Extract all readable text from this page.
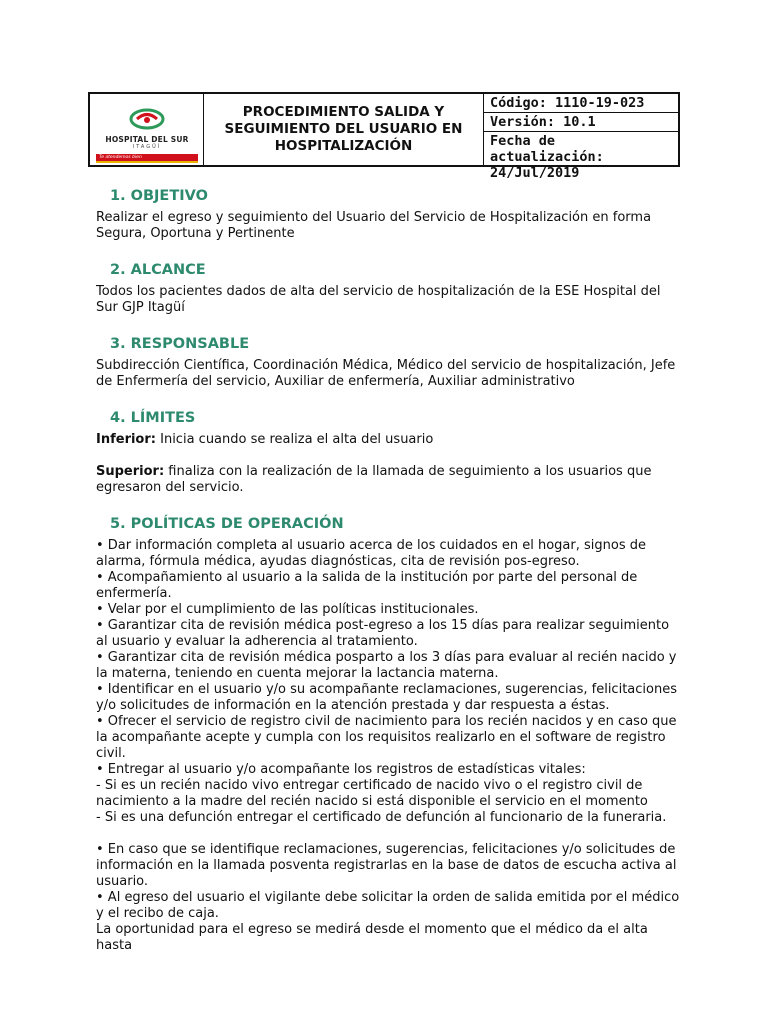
HOSPITAL DEL SUR
ITAGÜÍ
Te atendemos bien
PROCEDIMIENTO SALIDA Y SEGUIMIENTO DEL USUARIO EN HOSPITALIZACIÓN
Código: 1110-19-023
Versión: 10.1
Fecha de actualización:
24/Jul/2019
1. OBJETIVO

Realizar el egreso y seguimiento del Usuario del Servicio de Hospitalización en forma Segura, Oportuna y Pertinente

2. ALCANCE

Todos los pacientes dados de alta del servicio de hospitalización de la ESE Hospital del Sur GJP Itagüí

3. RESPONSABLE

Subdirección Científica, Coordinación Médica, Médico del servicio de hospitalización, Jefe de Enfermería del servicio, Auxiliar de enfermería, Auxiliar administrativo

4. LÍMITES

Inferior: Inicia cuando se realiza el alta del usuario

Superior: finaliza con la realización de la llamada de seguimiento a los usuarios que egresaron del servicio.

5. POLÍTICAS DE OPERACIÓN

• Dar información completa al usuario acerca de los cuidados en el hogar, signos de alarma, fórmula médica, ayudas diagnósticas, cita de revisión pos-egreso.

• Acompañamiento al usuario a la salida de la institución por parte del personal de enfermería.

• Velar por el cumplimiento de las políticas institucionales.

• Garantizar cita de revisión médica post-egreso a los 15 días para realizar seguimiento al usuario y evaluar la adherencia al tratamiento.

• Garantizar cita de revisión médica posparto a los 3 días para evaluar al recién nacido y la materna, teniendo en cuenta mejorar la lactancia materna.

• Identificar en el usuario y/o su acompañante reclamaciones, sugerencias, felicitaciones y/o solicitudes de información en la atención prestada y dar respuesta a éstas.

• Ofrecer el servicio de registro civil de nacimiento para los recién nacidos y en caso que la acompañante acepte y cumpla con los requisitos realizarlo en el software de registro civil.

• Entregar al usuario y/o acompañante los registros de estadísticas vitales:

- Si es un recién nacido vivo entregar certificado de nacido vivo o el registro civil de nacimiento a la madre del recién nacido si está disponible el servicio en el momento

- Si es una defunción entregar el certificado de defunción al funcionario de la funeraria.

• En caso que se identifique reclamaciones, sugerencias, felicitaciones y/o solicitudes de información en la llamada posventa registrarlas en la base de datos de escucha activa al usuario.

• Al egreso del usuario el vigilante debe solicitar la orden de salida emitida por el médico y el recibo de caja.

La oportunidad para el egreso se medirá desde el momento que el médico da el alta hasta
